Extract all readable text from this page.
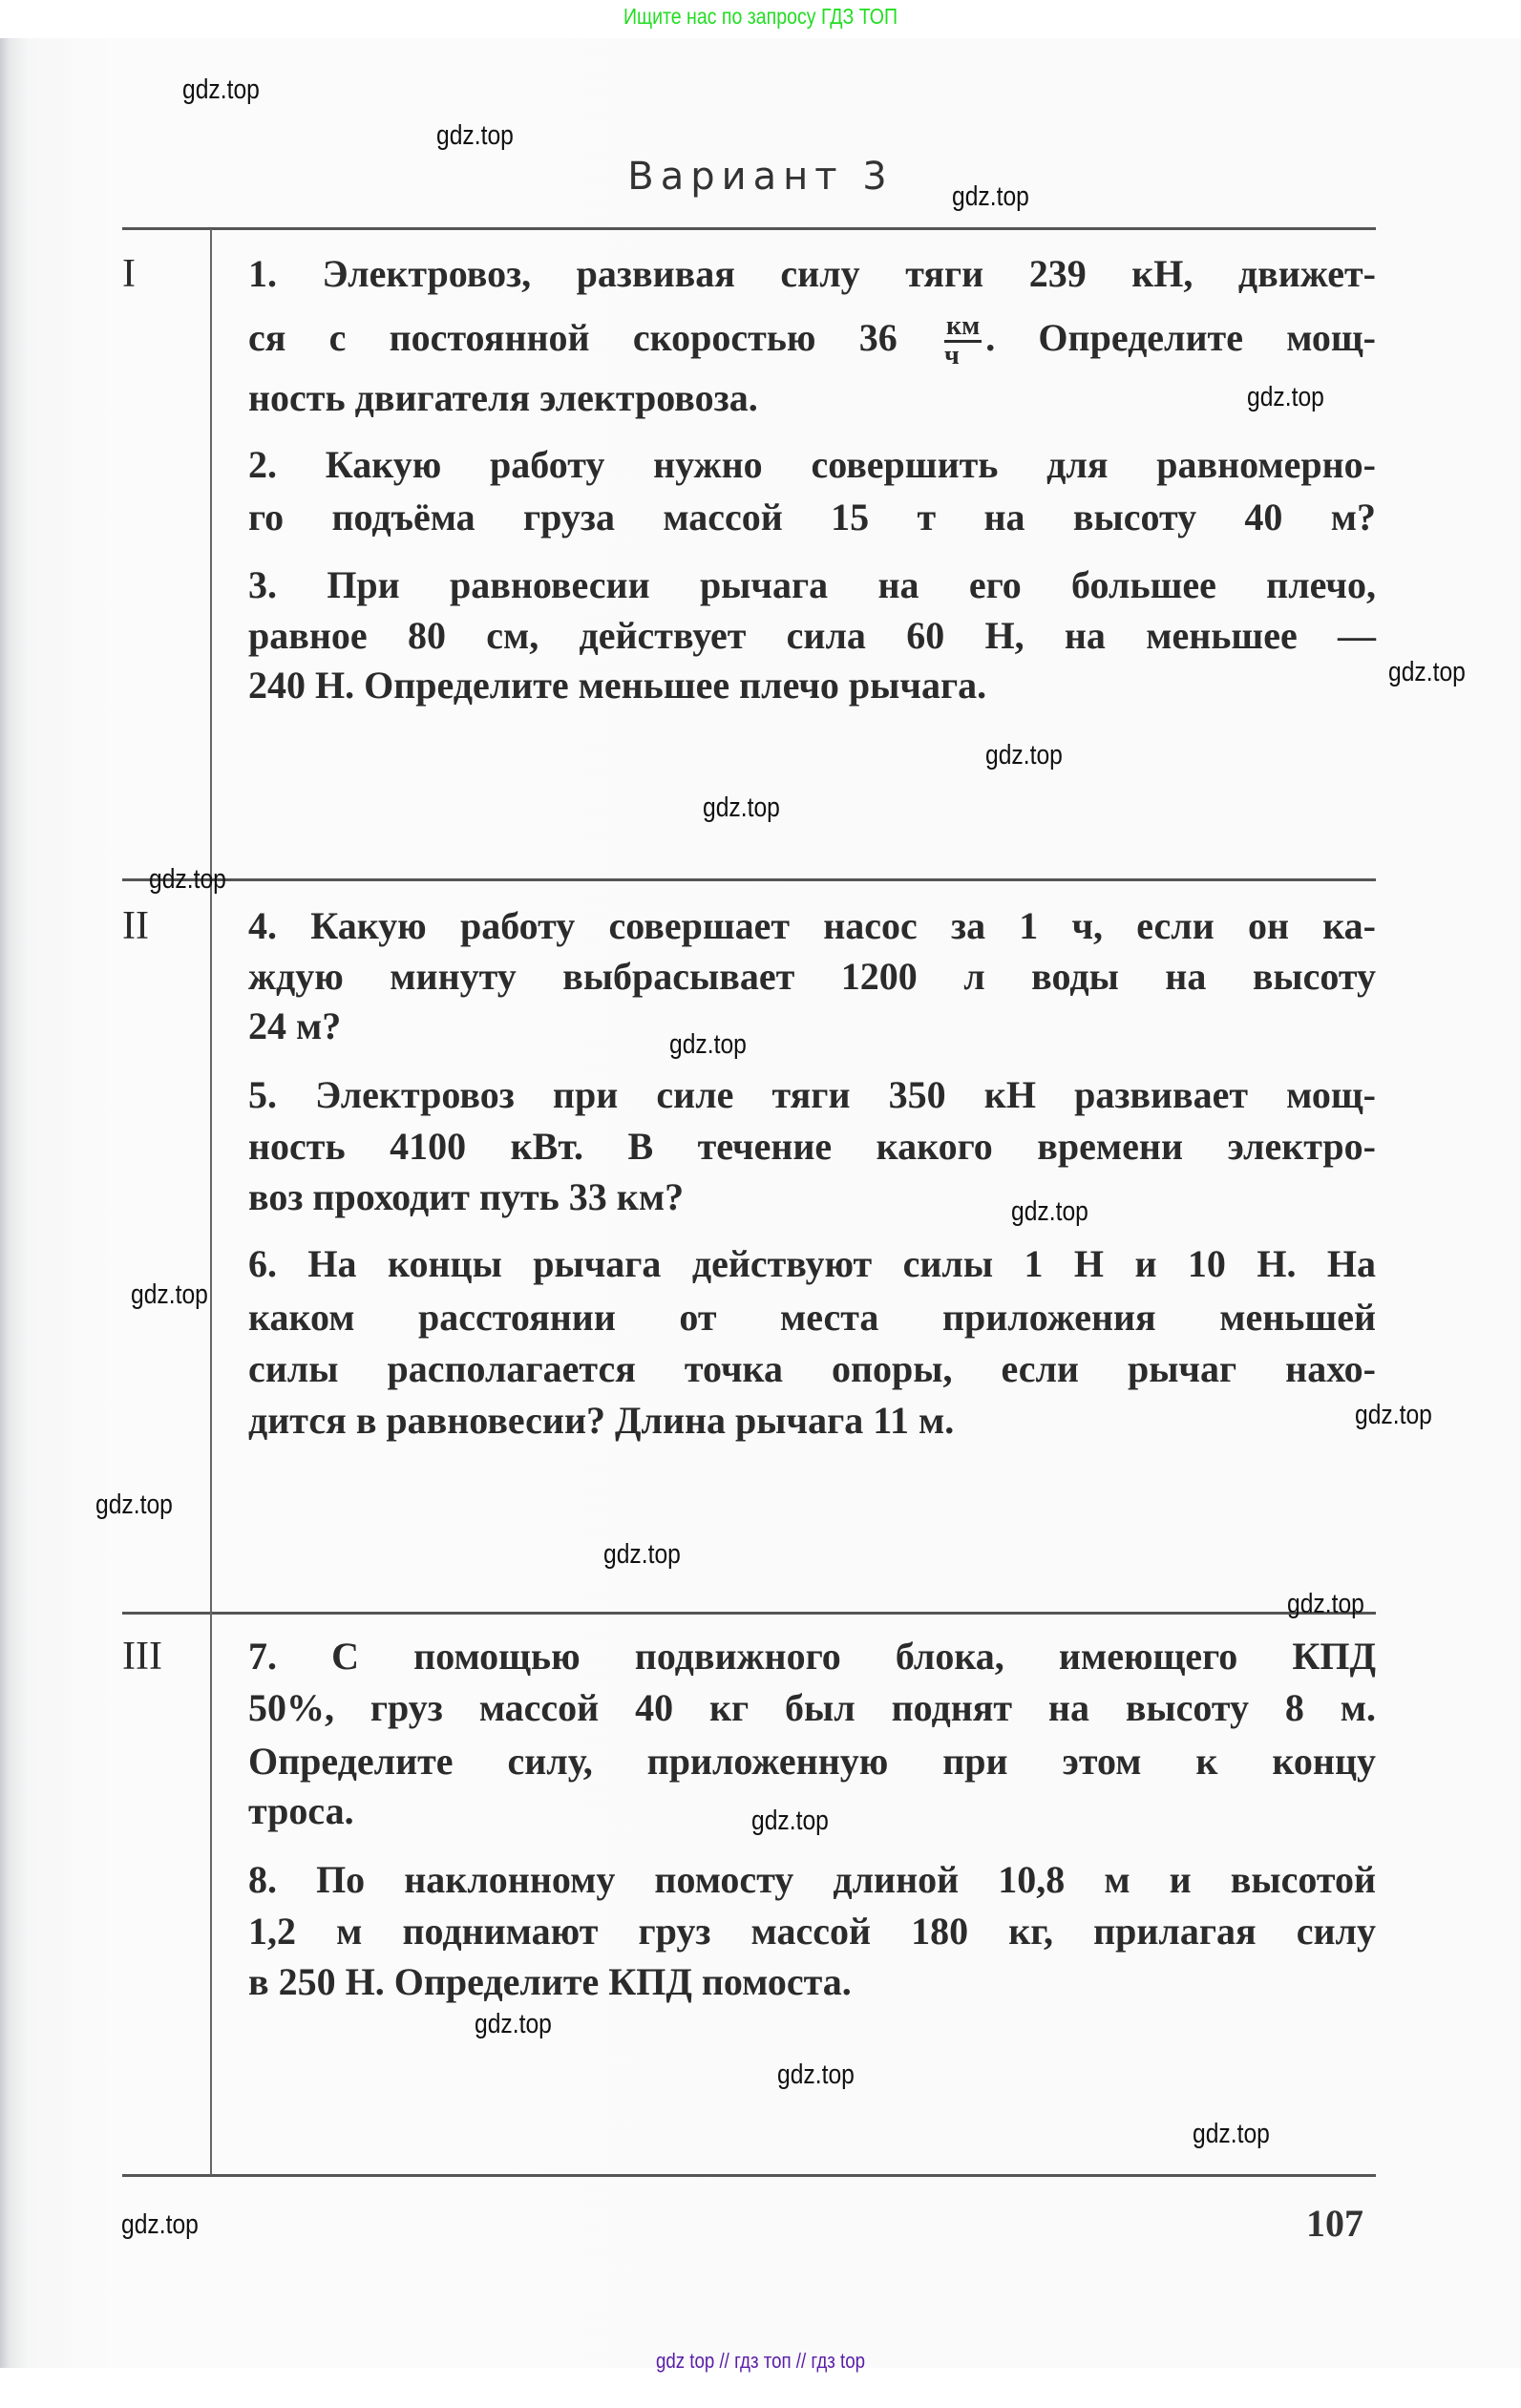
Ищите нас по запросу ГДЗ ТОП
Вариант 3
I	1. Электровоз, развивая силу тяги 239 кН, движет-
ся с постоянной скоростью $36 \frac{км}{ч}$ . Определите мощ-
ность двигателя электровоза.
2. Какую работу нужно совершить для равномерно-
го подъёма груза массой 15 т на высоту 40 м?
3. При равновесии рычага на его большее плечо,
равное 80 см, действует сила 60 Н, на меньшее —
240 Н. Определите меньшее плечо рычага.
II	4. Какую работу совершает насос за 1 ч, если он ка-
ждую минуту выбрасывает 1200 л воды на высоту
24 м?
5. Электровоз при силе тяги 350 кН развивает мощ-
ность 4100 кВт. В течение какого времени электро-
воз проходит путь 33 км?
6. На концы рычага действуют силы 1 Н и 10 Н. На
каком расстоянии от места приложения меньшей
силы располагается точка опоры, если рычаг нахо-
дится в равновесии? Длина рычага 11 м.
III 7. С помощью подвижного блока, имеющего КПД
50%, груз массой 40 кг был поднят на высоту 8 м.
Определите силу, приложенную при этом к концу
троса.
8. По наклонному помосту длиной 10,8 м и высотой
1,2 м поднимают груз массой 180 кг, прилагая силу
в 250 Н. Определите КПД помоста.
107
gdz.top
gdz.top
gdz.top
gdz.top
gdz.top
gdz.top
gdz.top
gdz.top
gdz.top
gdz.top
gdz.top
gdz.top
gdz.top
gdz.top
gdz.top
gdz.top
gdz.top
gdz.top
gdz.top
gdz.top
gdz top // гдз топ // гдз top
